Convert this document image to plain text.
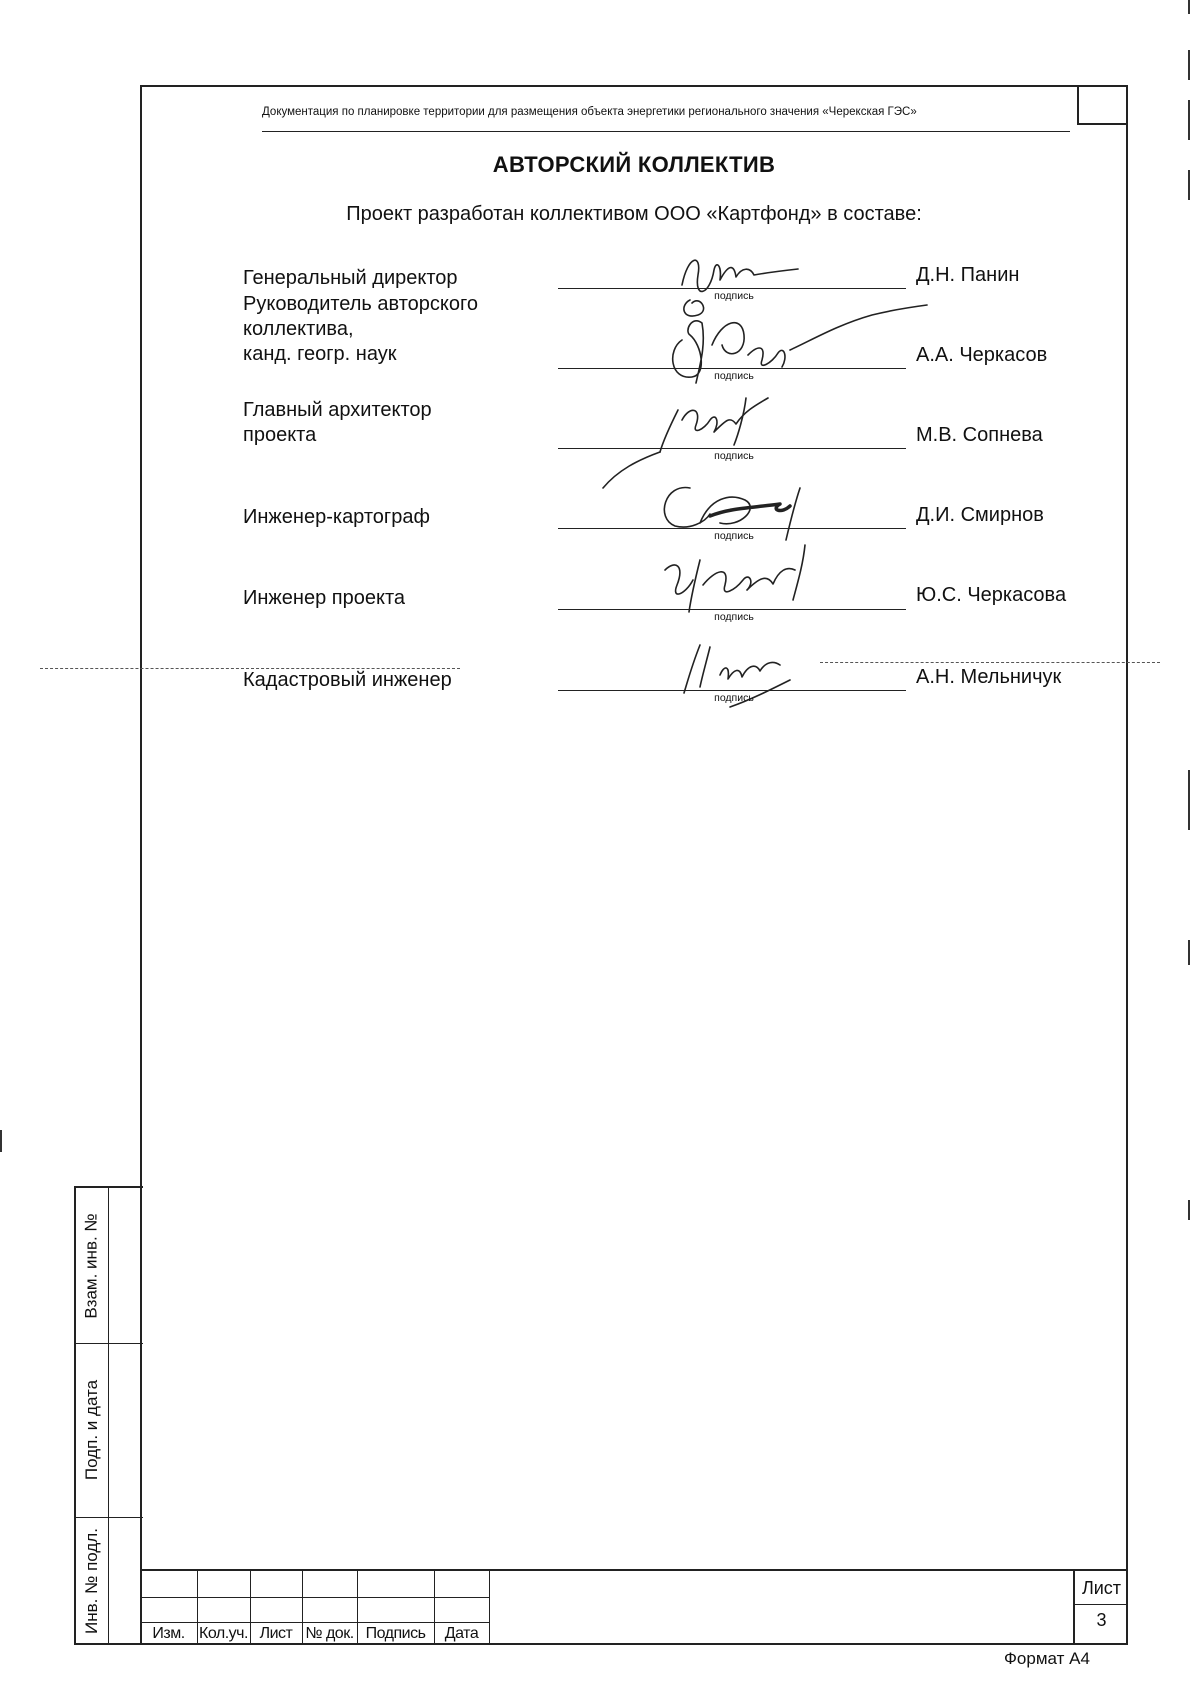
Документация по планировке территории для размещения объекта энергетики регионального значения «Черекская ГЭС»
АВТОРСКИЙ КОЛЛЕКТИВ
Проект разработан коллективом ООО «Картфонд» в составе:
Генеральный директор
подпись
Д.Н. Панин
Руководитель авторского
коллектива,
канд. геогр. наук
подпись
А.А. Черкасов
Главный архитектор
проекта
подпись
М.В. Сопнева
Инженер-картограф
подпись
Д.И. Смирнов
Инженер проекта
подпись
Ю.С. Черкасова
Кадастровый инженер
подпись
А.Н. Мельничук
Взам. инв. №
Подп. и дата
Инв. № подл.	Изм. Кол.уч. Лист № док. Подпись	Дата
Лист
3
Формат А4
